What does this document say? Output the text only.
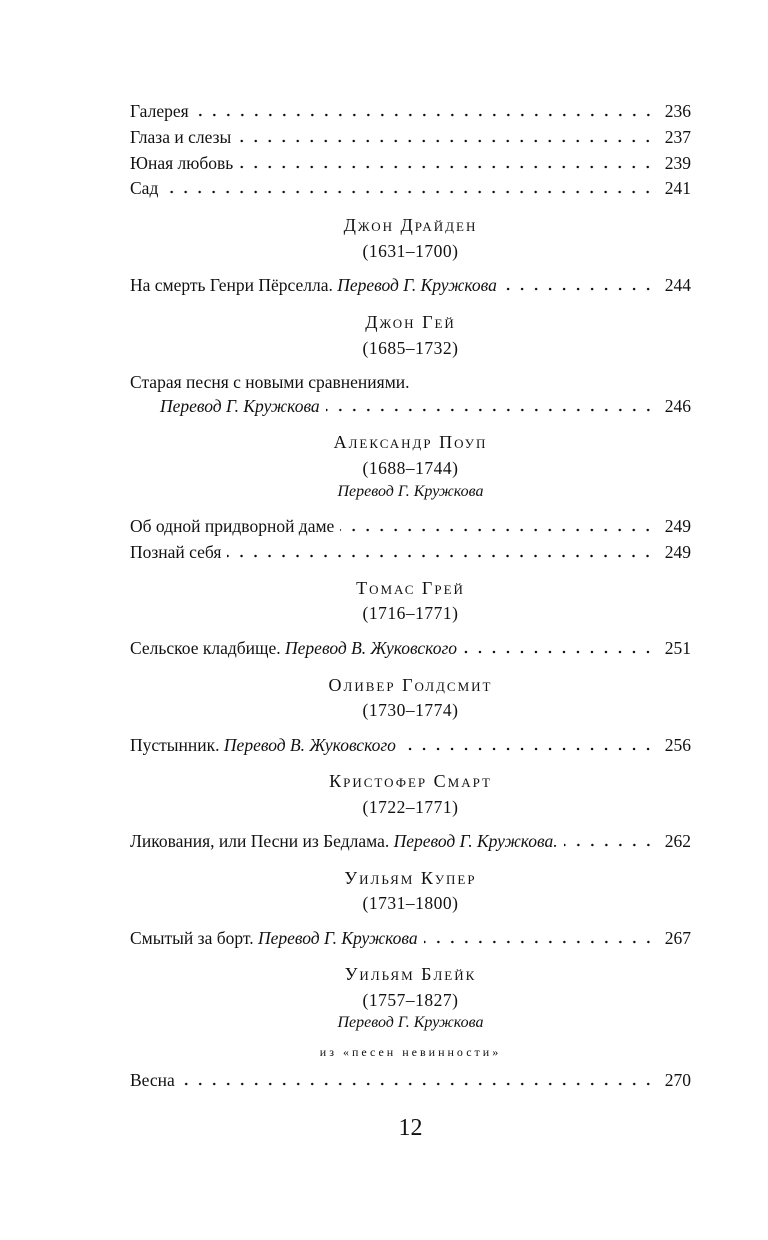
Галерея	236
Глаза и слезы	237
Юная любовь	239
Сад	241
Джон Драйден
(1631–1700)
На смерть Генри Пёрселла. Перевод Г. Кружкова	244
Джон Гей
(1685–1732)
Старая песня с новыми сравнениями.
Перевод Г. Кружкова	246
Александр Поуп
(1688–1744)
Перевод Г. Кружкова
Об одной придворной даме	249
Познай себя	249
Томас Грей
(1716–1771)
Сельское кладбище. Перевод В. Жуковского	251
Оливер Голдсмит
(1730–1774)
Пустынник. Перевод В. Жуковского	256
Кристофер Смарт
(1722–1771)
Ликования, или Песни из Бедлама. Перевод Г. Кружкова.	262
Уильям Купер
(1731–1800)
Смытый за борт. Перевод Г. Кружкова	267
Уильям Блейк
(1757–1827)
Перевод Г. Кружкова
из «песен невинности»
Весна	270
12
